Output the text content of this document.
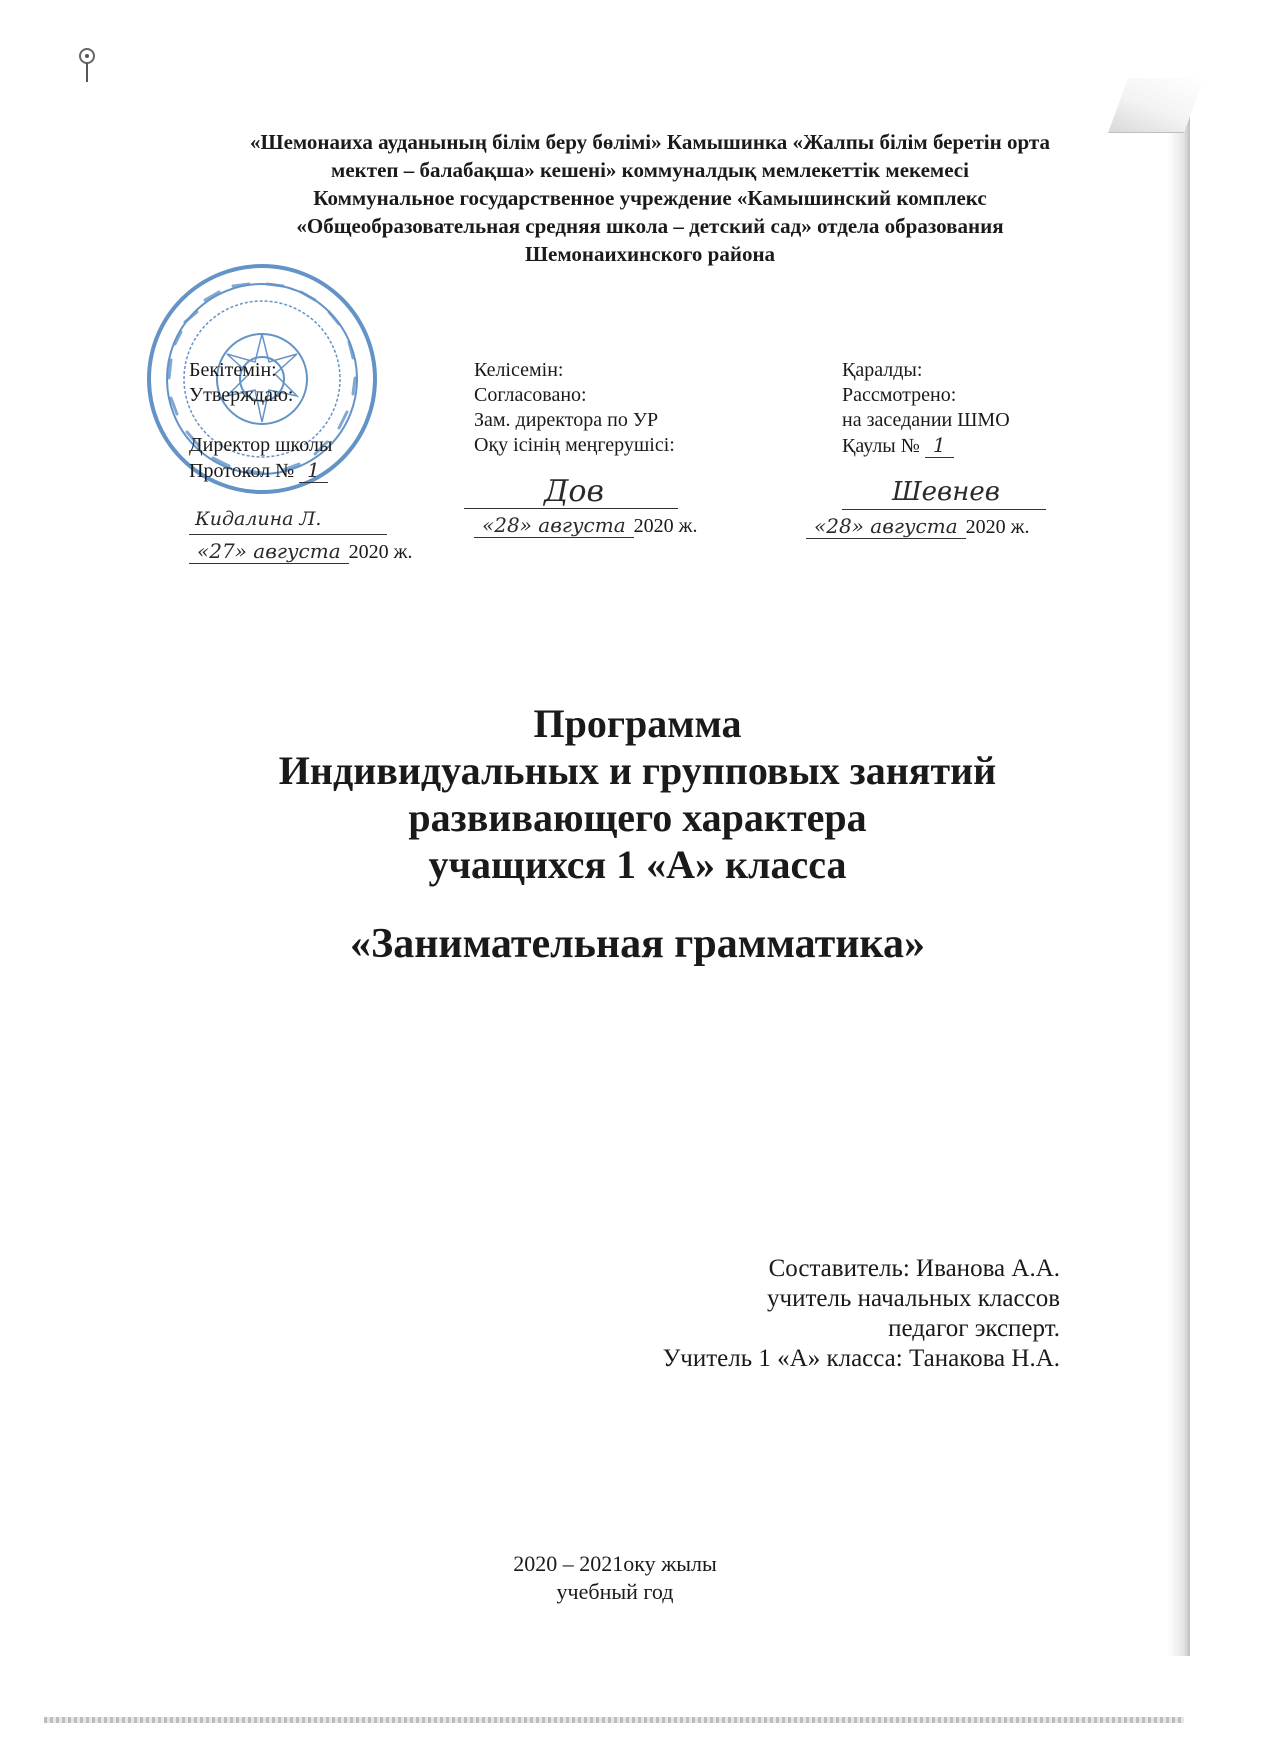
«Шемонаиха ауданының білім беру бөлімі» Камышинка «Жалпы білім беретін орта
мектеп – балабақша» кешені» коммуналдық мемлекеттік мекемесі
Коммунальное государственное учреждение «Камышинский комплекс
«Общеобразовательная средняя школа – детский сад» отдела образования
Шемонаихинского района
Бекітемін:
Утверждаю:
Директор школы
Протокол № 1
Кидалина Л.
«27» августа 2020 ж.
Келісемін:
Согласовано:
Зам. директора по УР
Оқу ісінің меңгерушісі:
Дов
«28» августа 2020 ж.
Қаралды:
Рассмотрено:
на заседании ШМО
Қаулы № 1
Шевнев
«28» августа 2020 ж.
Программа
Индивидуальных и групповых занятий
развивающего характера
учащихся 1 «А» класса
«Занимательная грамматика»
Составитель: Иванова А.А.
учитель начальных классов
педагог эксперт.
Учитель 1 «А» класса: Танакова Н.А.
2020 – 2021оку жылы
учебный год
